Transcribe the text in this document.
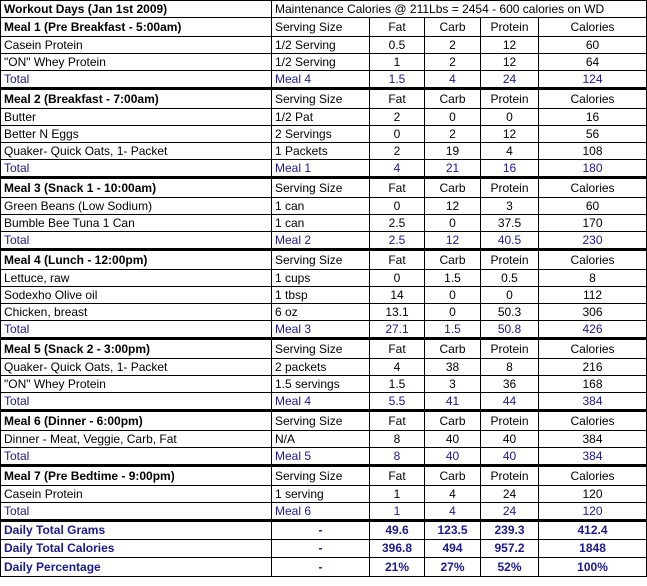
Workout Days (Jan 1st 2009)	Maintenance Calories @ 211Lbs = 2454 - 600 calories on WD				
Meal 1 (Pre Breakfast - 5:00am)	Serving Size	Fat	Carb	Protein	Calories
Casein Protein	1/2 Serving	0.5	2	12	60
"ON" Whey Protein	1/2 Serving	1	2	12	64
Total	Meal 4	1.5	4	24	124
Meal 2 (Breakfast - 7:00am)	Serving Size	Fat	Carb	Protein	Calories
Butter	1/2 Pat	2	0	0	16
Better N Eggs	2 Servings	0	2	12	56
Quaker- Quick Oats, 1- Packet	1 Packets	2	19	4	108
Total	Meal 1	4	21	16	180
Meal 3 (Snack 1 - 10:00am)	Serving Size	Fat	Carb	Protein	Calories
Green Beans (Low Sodium)	1 can	0	12	3	60
Bumble Bee Tuna 1 Can	1 can	2.5	0	37.5	170
Total	Meal 2	2.5	12	40.5	230
Meal 4 (Lunch - 12:00pm)	Serving Size	Fat	Carb	Protein	Calories
Lettuce, raw	1 cups	0	1.5	0.5	8
Sodexho Olive oil	1 tbsp	14	0	0	112
Chicken, breast	6 oz	13.1	0	50.3	306
Total	Meal 3	27.1	1.5	50.8	426
Meal 5 (Snack 2 - 3:00pm)	Serving Size	Fat	Carb	Protein	Calories
Quaker- Quick Oats, 1- Packet	2 packets	4	38	8	216
"ON" Whey Protein	1.5 servings	1.5	3	36	168
Total	Meal 4	5.5	41	44	384
Meal 6 (Dinner - 6:00pm)	Serving Size	Fat	Carb	Protein	Calories
Dinner - Meat, Veggie, Carb, Fat	N/A	8	40	40	384
Total	Meal 5	8	40	40	384
Meal 7 (Pre Bedtime - 9:00pm)	Serving Size	Fat	Carb	Protein	Calories
Casein Protein	1 serving	1	4	24	120
Total	Meal 6	1	4	24	120
Daily Total Grams	-	49.6	123.5	239.3	412.4
Daily Total Calories	-	396.8	494	957.2	1848
Daily Percentage	-	21%	27%	52%	100%
